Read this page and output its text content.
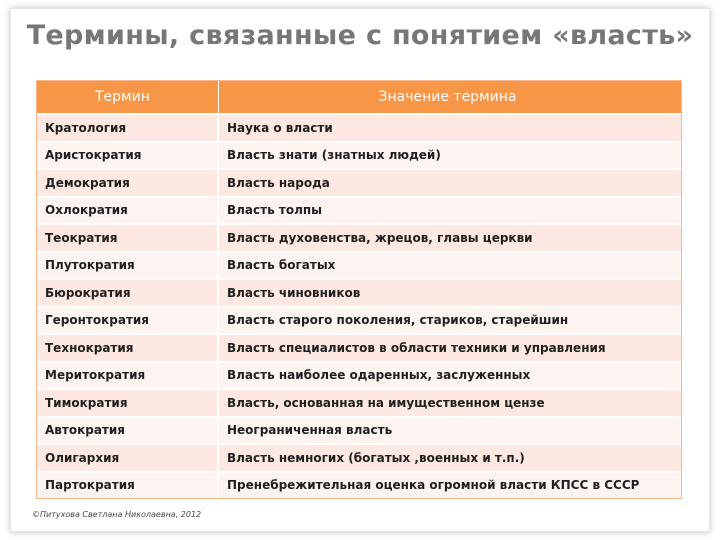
Термины, связанные с понятием «власть»
Термин	Значение термина
Кратология	Наука о власти
Аристократия	Власть знати (знатных людей)
Демократия	Власть народа
Охлократия	Власть толпы
Теократия	Власть духовенства, жрецов, главы церкви
Плутократия	Власть богатых
Бюрократия	Власть чиновников
Геронтократия	Власть старого поколения, стариков, старейшин
Технократия	Власть специалистов в области техники и управления
Меритократия	Власть наиболее одаренных, заслуженных
Тимократия	Власть, основанная на имущественном цензе
Автократия	Неограниченная власть
Олигархия	Власть немногих (богатых ,военных и т.п.)
Партократия	Пренебрежительная оценка огромной власти КПСС в СССР
©Питухова Светлана Николаевна, 2012
